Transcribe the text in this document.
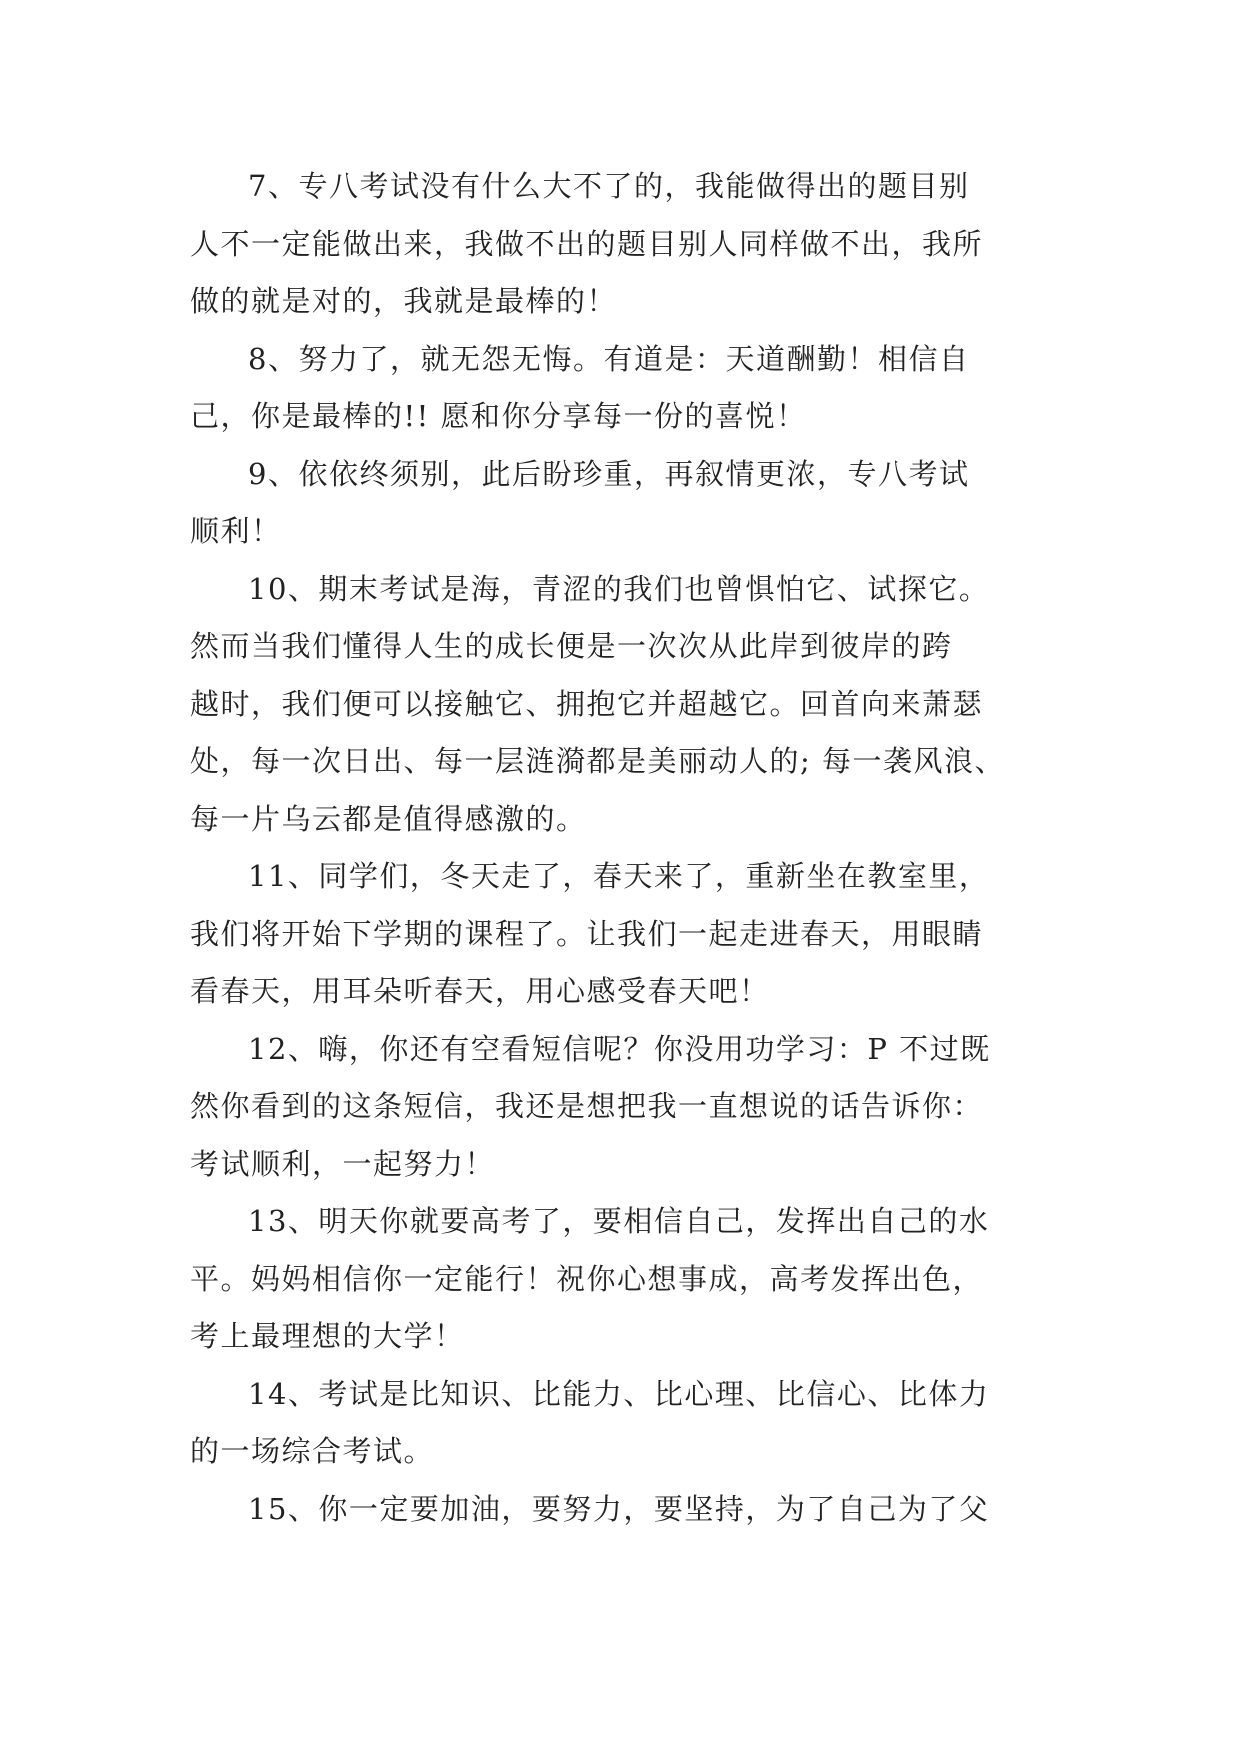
7、专八考试没有什么大不了的，我能做得出的题目别
人不一定能做出来，我做不出的题目别人同样做不出，我所
做的就是对的，我就是最棒的！
8、努力了，就无怨无悔。有道是：天道酬勤！相信自
己，你是最棒的!! 愿和你分享每一份的喜悦！
9、依依终须别，此后盼珍重，再叙情更浓，专八考试
顺利！
10、期末考试是海，青涩的我们也曾惧怕它、试探它。
然而当我们懂得人生的成长便是一次次从此岸到彼岸的跨
越时，我们便可以接触它、拥抱它并超越它。回首向来萧瑟
处，每一次日出、每一层涟漪都是美丽动人的; 每一袭风浪、
每一片乌云都是值得感激的。
11、同学们，冬天走了，春天来了，重新坐在教室里，
我们将开始下学期的课程了。让我们一起走进春天，用眼睛
看春天，用耳朵听春天，用心感受春天吧！
12、嗨，你还有空看短信呢？你没用功学习：P 不过既
然你看到的这条短信，我还是想把我一直想说的话告诉你：
考试顺利，一起努力！
13、明天你就要高考了，要相信自己，发挥出自己的水
平。妈妈相信你一定能行！祝你心想事成，高考发挥出色，
考上最理想的大学！
14、考试是比知识、比能力、比心理、比信心、比体力
的一场综合考试。
15、你一定要加油，要努力，要坚持，为了自己为了父
